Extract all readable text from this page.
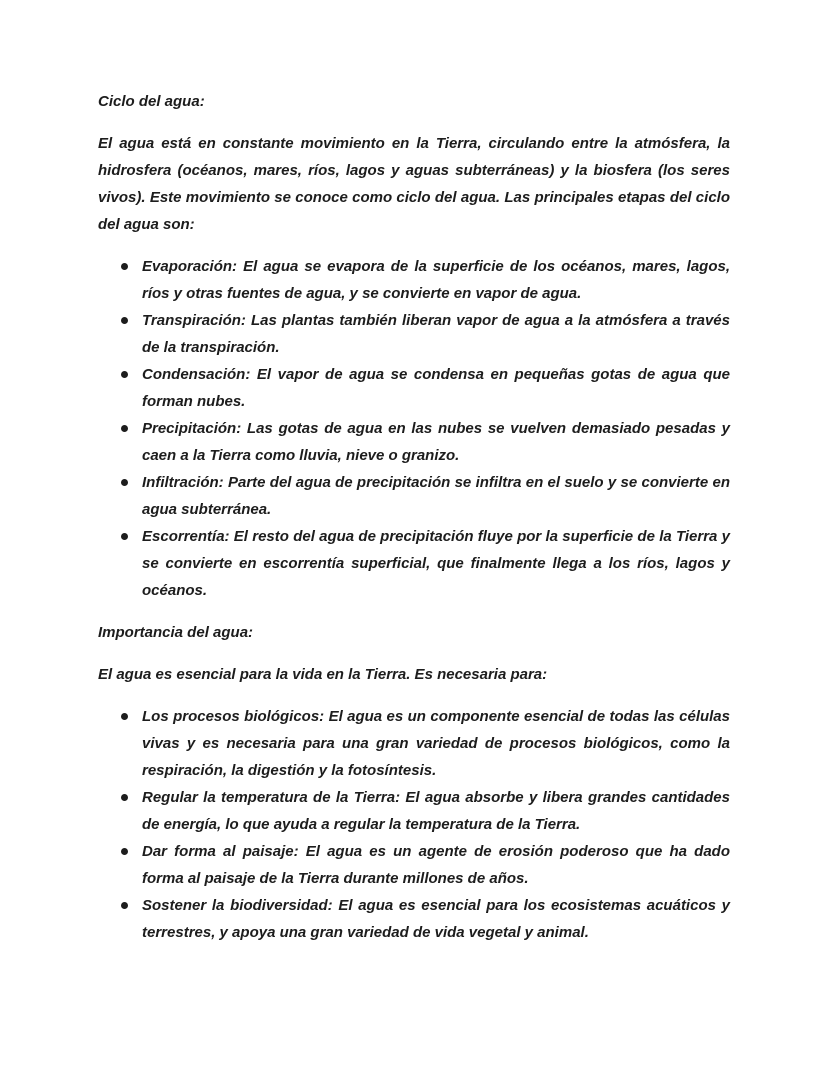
Ciclo del agua:

El agua está en constante movimiento en la Tierra, circulando entre la atmósfera, la hidrosfera (océanos, mares, ríos, lagos y aguas subterráneas) y la biosfera (los seres vivos). Este movimiento se conoce como ciclo del agua. Las principales etapas del ciclo del agua son:

Evaporación: El agua se evapora de la superficie de los océanos, mares, lagos, ríos y otras fuentes de agua, y se convierte en vapor de agua.
Transpiración: Las plantas también liberan vapor de agua a la atmósfera a través de la transpiración.
Condensación: El vapor de agua se condensa en pequeñas gotas de agua que forman nubes.
Precipitación: Las gotas de agua en las nubes se vuelven demasiado pesadas y caen a la Tierra como lluvia, nieve o granizo.
Infiltración: Parte del agua de precipitación se infiltra en el suelo y se convierte en agua subterránea.
Escorrentía: El resto del agua de precipitación fluye por la superficie de la Tierra y se convierte en escorrentía superficial, que finalmente llega a los ríos, lagos y océanos.
Importancia del agua:

El agua es esencial para la vida en la Tierra. Es necesaria para:

Los procesos biológicos: El agua es un componente esencial de todas las células vivas y es necesaria para una gran variedad de procesos biológicos, como la respiración, la digestión y la fotosíntesis.
Regular la temperatura de la Tierra: El agua absorbe y libera grandes cantidades de energía, lo que ayuda a regular la temperatura de la Tierra.
Dar forma al paisaje: El agua es un agente de erosión poderoso que ha dado forma al paisaje de la Tierra durante millones de años.
Sostener la biodiversidad: El agua es esencial para los ecosistemas acuáticos y terrestres, y apoya una gran variedad de vida vegetal y animal.
